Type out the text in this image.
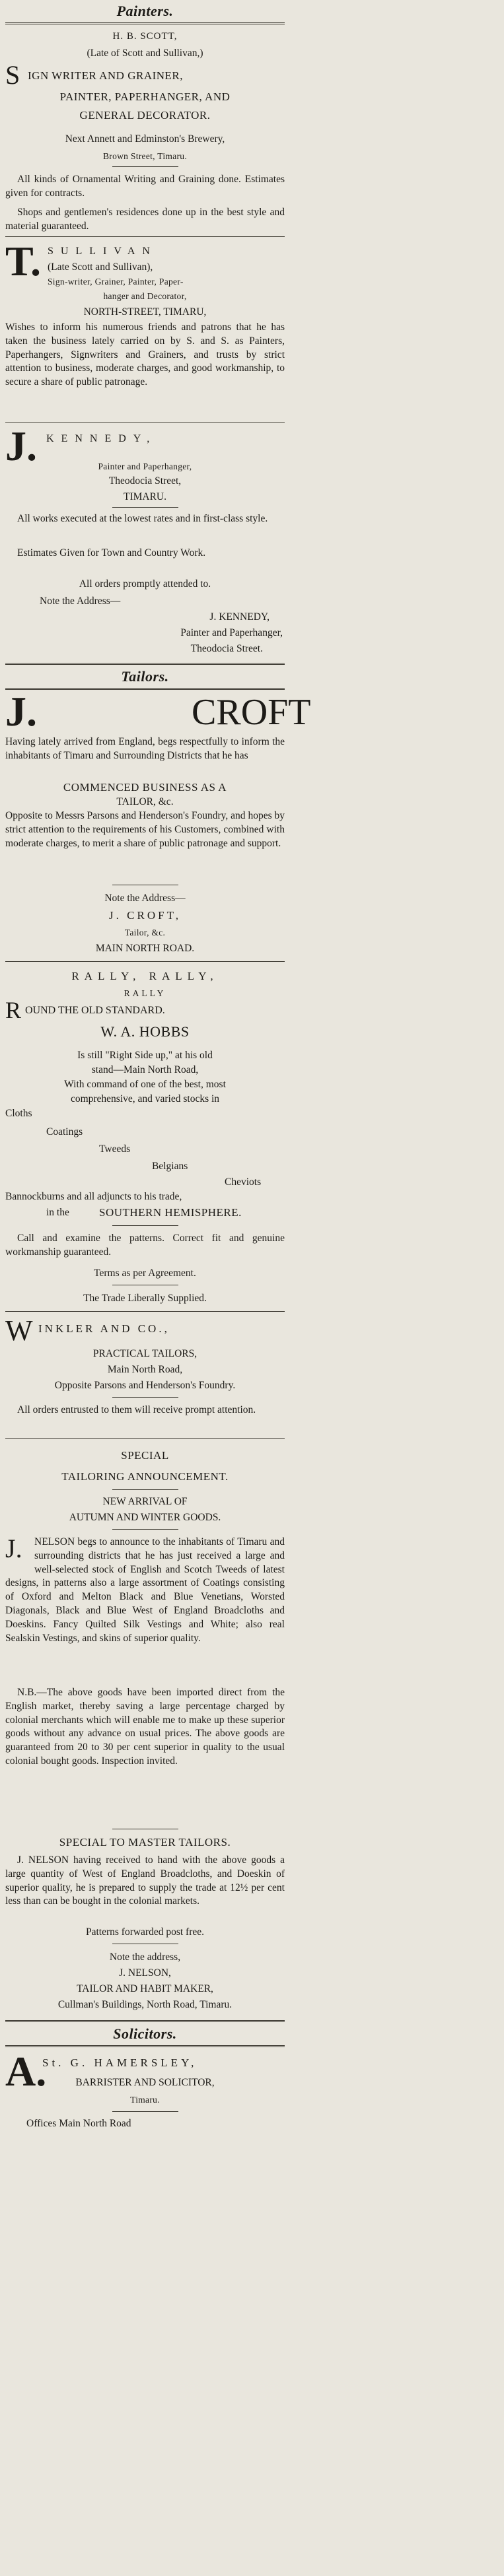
Painters.
H. B. SCOTT,
(Late of Scott and Sullivan,)
S IGN WRITER AND GRAINER,
PAINTER, PAPERHANGER, AND
GENERAL DECORATOR.
Next Annett and Edminston's Brewery,
Brown Street, Timaru.
All kinds of Ornamental Writing and Graining done. Estimates given for contracts.
Shops and gentlemen's residences done up in the best style and material guaranteed.
T. SULLIVAN
(Late Scott and Sullivan),
Sign-writer, Grainer, Painter, Paper-
hanger and Decorator,
NORTH-STREET, TIMARU,
Wishes to inform his numerous friends and patrons that he has taken the business lately carried on by S. and S. as Painters, Paperhangers, Signwriters and Grainers, and trusts by strict attention to business, moderate charges, and good workmanship, to secure a share of public patronage.
J. KENNEDY,
Painter and Paperhanger,
Theodocia Street,
TIMARU.
All works executed at the lowest rates and in first-class style.
Estimates Given for Town and Country Work.
All orders promptly attended to.
Note the Address—
J. KENNEDY,
Painter and Paperhanger,
Theodocia Street.
Tailors.
J.	CROFT
Having lately arrived from England, begs respectfully to inform the inhabitants of Timaru and Surrounding Districts that he has
COMMENCED BUSINESS AS A
TAILOR, &c.
Opposite to Messrs Parsons and Henderson's Foundry, and hopes by strict attention to the requirements of his Customers, combined with moderate charges, to merit a share of public patronage and support.
Note the Address—
J. CROFT,
Tailor, &c.
MAIN NORTH ROAD.
RALLY, RALLY,
RALLY
R OUND THE OLD STANDARD.
W. A. HOBBS
Is still "Right Side up," at his old
stand—Main North Road,
With command of one of the best, most
comprehensive, and varied stocks in
Cloths
Coatings
Tweeds
Belgians
Cheviots
Bannockburns and all adjuncts to his trade,
in the	SOUTHERN HEMISPHERE.
Call and examine the patterns. Correct fit and genuine workmanship guaranteed.
Terms as per Agreement.
The Trade Liberally Supplied.
W INKLER AND CO.,
PRACTICAL TAILORS,
Main North Road,
Opposite Parsons and Henderson's Foundry.
All orders entrusted to them will receive prompt attention.
SPECIAL
TAILORING ANNOUNCEMENT.
NEW ARRIVAL OF
AUTUMN AND WINTER GOODS.
J.	NELSON begs to announce to the inhabitants of Timaru and surrounding districts that he has just received a large and well-selected stock of English and Scotch Tweeds of latest designs, in patterns also a large assortment of Coatings consisting of Oxford and Melton Black and Blue Venetians, Worsted Diagonals, Black and Blue West of England Broadcloths and Doeskins. Fancy Quilted Silk Vestings and White; also real Sealskin Vestings, and skins of superior quality.
N.B.—The above goods have been imported direct from the English market, thereby saving a large percentage charged by colonial merchants which will enable me to make up these superior goods without any advance on usual prices. The above goods are guaranteed from 20 to 30 per cent superior in quality to the usual colonial bought goods. Inspection invited.
SPECIAL TO MASTER TAILORS.
J. NELSON having received to hand with the above goods a large quantity of West of England Broadcloths, and Doeskin of superior quality, he is prepared to supply the trade at 12½ per cent less than can be bought in the colonial markets.
Patterns forwarded post free.
Note the address,
J. NELSON,
TAILOR AND HABIT MAKER,
Cullman's Buildings, North Road, Timaru.
Solicitors.
A.
St. G. HAMERSLEY,
BARRISTER AND SOLICITOR,
Timaru.
Offices Main North Road
